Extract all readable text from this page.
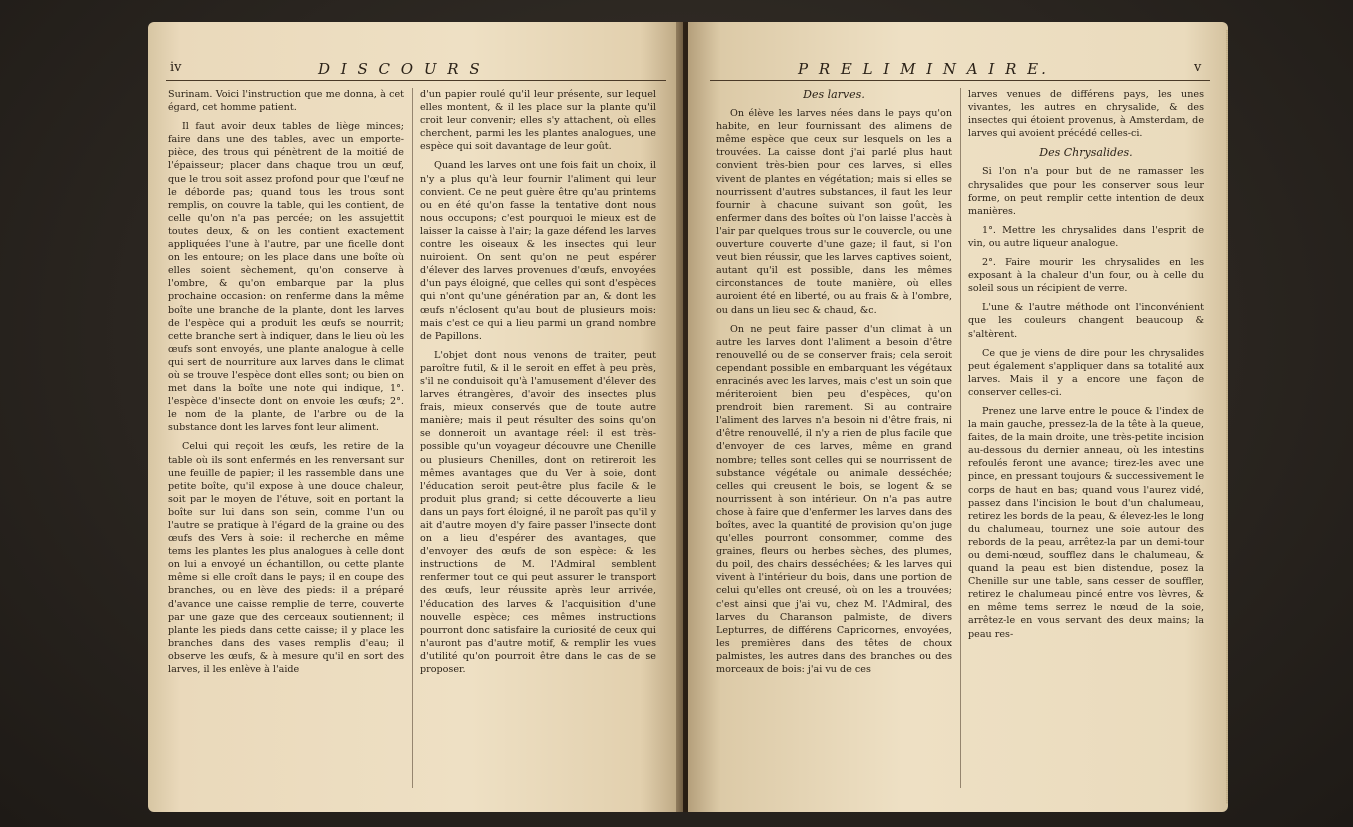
iv	D I S C O U R S

Surinam. Voici l'instruction que me donna, à cet égard, cet homme patient.

Il faut avoir deux tables de liège minces; faire dans une des tables, avec un emporte-pièce, des trous qui pénètrent de la moitié de l'épaisseur; placer dans chaque trou un œuf, que le trou soit assez profond pour que l'œuf ne le déborde pas; quand tous les trous sont remplis, on couvre la table, qui les contient, de celle qu'on n'a pas percée; on les assujettit toutes deux, & on les contient exactement appliquées l'une à l'autre, par une ficelle dont on les entoure; on les place dans une boîte où elles soient sèchement, qu'on conserve à l'ombre, & qu'on embarque par la plus prochaine occasion: on renferme dans la même boîte une branche de la plante, dont les larves de l'espèce qui a produit les œufs se nourrit; cette branche sert à indiquer, dans le lieu où les œufs sont envoyés, une plante analogue à celle qui sert de nourriture aux larves dans le climat où se trouve l'espèce dont elles sont; ou bien on met dans la boîte une note qui indique, 1°. l'espèce d'insecte dont on envoie les œufs; 2°. le nom de la plante, de l'arbre ou de la substance dont les larves font leur aliment.

Celui qui reçoit les œufs, les retire de la table où ils sont enfermés en les renversant sur une feuille de papier; il les rassemble dans une petite boîte, qu'il expose à une douce chaleur, soit par le moyen de l'étuve, soit en portant la boîte sur lui dans son sein, comme l'un ou l'autre se pratique à l'égard de la graine ou des œufs des Vers à soie: il recherche en même tems les plantes les plus analogues à celle dont on lui a envoyé un échantillon, ou cette plante même si elle croît dans le pays; il en coupe des branches, ou en lève des pieds: il a préparé d'avance une caisse remplie de terre, couverte par une gaze que des cerceaux soutiennent; il plante les pieds dans cette caisse; il y place les branches dans des vases remplis d'eau; il observe les œufs, & à mesure qu'il en sort des larves, il les enlève à l'aide

d'un papier roulé qu'il leur présente, sur lequel elles montent, & il les place sur la plante qu'il croit leur convenir; elles s'y attachent, où elles cherchent, parmi les les plantes analogues, une espèce qui soit davantage de leur goût.

Quand les larves ont une fois fait un choix, il n'y a plus qu'à leur fournir l'aliment qui leur convient. Ce ne peut guère être qu'au printems ou en été qu'on fasse la tentative dont nous nous occupons; c'est pourquoi le mieux est de laisser la caisse à l'air; la gaze défend les larves contre les oiseaux & les insectes qui leur nuiroient. On sent qu'on ne peut espérer d'élever des larves provenues d'œufs, envoyées d'un pays éloigné, que celles qui sont d'espèces qui n'ont qu'une génération par an, & dont les œufs n'éclosent qu'au bout de plusieurs mois: mais c'est ce qui a lieu parmi un grand nombre de Papillons.

L'objet dont nous venons de traiter, peut paroître futil, & il le seroit en effet à peu près, s'il ne conduisoit qu'à l'amusement d'élever des larves étrangères, d'avoir des insectes plus frais, mieux conservés que de toute autre manière; mais il peut résulter des soins qu'on se donneroit un avantage réel: il est très-possible qu'un voyageur découvre une Chenille ou plusieurs Chenilles, dont on retireroit les mêmes avantages que du Ver à soie, dont l'éducation seroit peut-être plus facile & le produit plus grand; si cette découverte a lieu dans un pays fort éloigné, il ne paroît pas qu'il y ait d'autre moyen d'y faire passer l'insecte dont on a lieu d'espérer des avantages, que d'envoyer des œufs de son espèce: & les instructions de M. l'Admiral semblent renfermer tout ce qui peut assurer le transport des œufs, leur réussite après leur arrivée, l'éducation des larves & l'acquisition d'une nouvelle espèce; ces mêmes instructions pourront donc satisfaire la curiosité de ceux qui n'auront pas d'autre motif, & remplir les vues d'utilité qu'on pourroit être dans le cas de se proposer.

P R E L I M I N A I R E.	v
Des larves.

On élève les larves nées dans le pays qu'on habite, en leur fournissant des alimens de même espèce que ceux sur lesquels on les a trouvées. La caisse dont j'ai parlé plus haut convient très-bien pour ces larves, si elles vivent de plantes en végétation; mais si elles se nourrissent d'autres substances, il faut les leur fournir à chacune suivant son goût, les enfermer dans des boîtes où l'on laisse l'accès à l'air par quelques trous sur le couvercle, ou une ouverture couverte d'une gaze; il faut, si l'on veut bien réussir, que les larves captives soient, autant qu'il est possible, dans les mêmes circonstances de toute manière, où elles auroient été en liberté, ou au frais & à l'ombre, ou dans un lieu sec & chaud, &c.

On ne peut faire passer d'un climat à un autre les larves dont l'aliment a besoin d'être renouvellé ou de se conserver frais; cela seroit cependant possible en embarquant les végétaux enracinés avec les larves, mais c'est un soin que mériteroient bien peu d'espèces, qu'on prendroit bien rarement. Si au contraire l'aliment des larves n'a besoin ni d'être frais, ni d'être renouvellé, il n'y a rien de plus facile que d'envoyer de ces larves, même en grand nombre; telles sont celles qui se nourrissent de substance végétale ou animale desséchée; celles qui creusent le bois, se logent & se nourrissent à son intérieur. On n'a pas autre chose à faire que d'enfermer les larves dans des boîtes, avec la quantité de provision qu'on juge qu'elles pourront consommer, comme des graines, fleurs ou herbes sèches, des plumes, du poil, des chairs desséchées; & les larves qui vivent à l'intérieur du bois, dans une portion de celui qu'elles ont creusé, où on les a trouvées; c'est ainsi que j'ai vu, chez M. l'Admiral, des larves du Charanson palmiste, de divers Lepturres, de différens Capricornes, envoyées, les premières dans des têtes de choux palmistes, les autres dans des branches ou des morceaux de bois: j'ai vu de ces

larves venues de différens pays, les unes vivantes, les autres en chrysalide, & des insectes qui étoient provenus, à Amsterdam, de larves qui avoient précédé celles-ci.

Des Chrysalides.

Si l'on n'a pour but de ne ramasser les chrysalides que pour les conserver sous leur forme, on peut remplir cette intention de deux manières.

1°. Mettre les chrysalides dans l'esprit de vin, ou autre liqueur analogue.

2°. Faire mourir les chrysalides en les exposant à la chaleur d'un four, ou à celle du soleil sous un récipient de verre.

L'une & l'autre méthode ont l'inconvénient que les couleurs changent beaucoup & s'altèrent.

Ce que je viens de dire pour les chrysalides peut également s'appliquer dans sa totalité aux larves. Mais il y a encore une façon de conserver celles-ci.

Prenez une larve entre le pouce & l'index de la main gauche, pressez-la de la tête à la queue, faites, de la main droite, une très-petite incision au-dessous du dernier anneau, où les intestins refoulés feront une avance; tirez-les avec une pince, en pressant toujours & successivement le corps de haut en bas; quand vous l'aurez vidé, passez dans l'incision le bout d'un chalumeau, retirez les bords de la peau, & élevez-les le long du chalumeau, tournez une soie autour des rebords de la peau, arrêtez-la par un demi-tour ou demi-nœud, soufflez dans le chalumeau, & quand la peau est bien distendue, posez la Chenille sur une table, sans cesser de souffler, retirez le chalumeau pincé entre vos lèvres, & en même tems serrez le nœud de la soie, arrêtez-le en vous servant des deux mains; la peau res-
